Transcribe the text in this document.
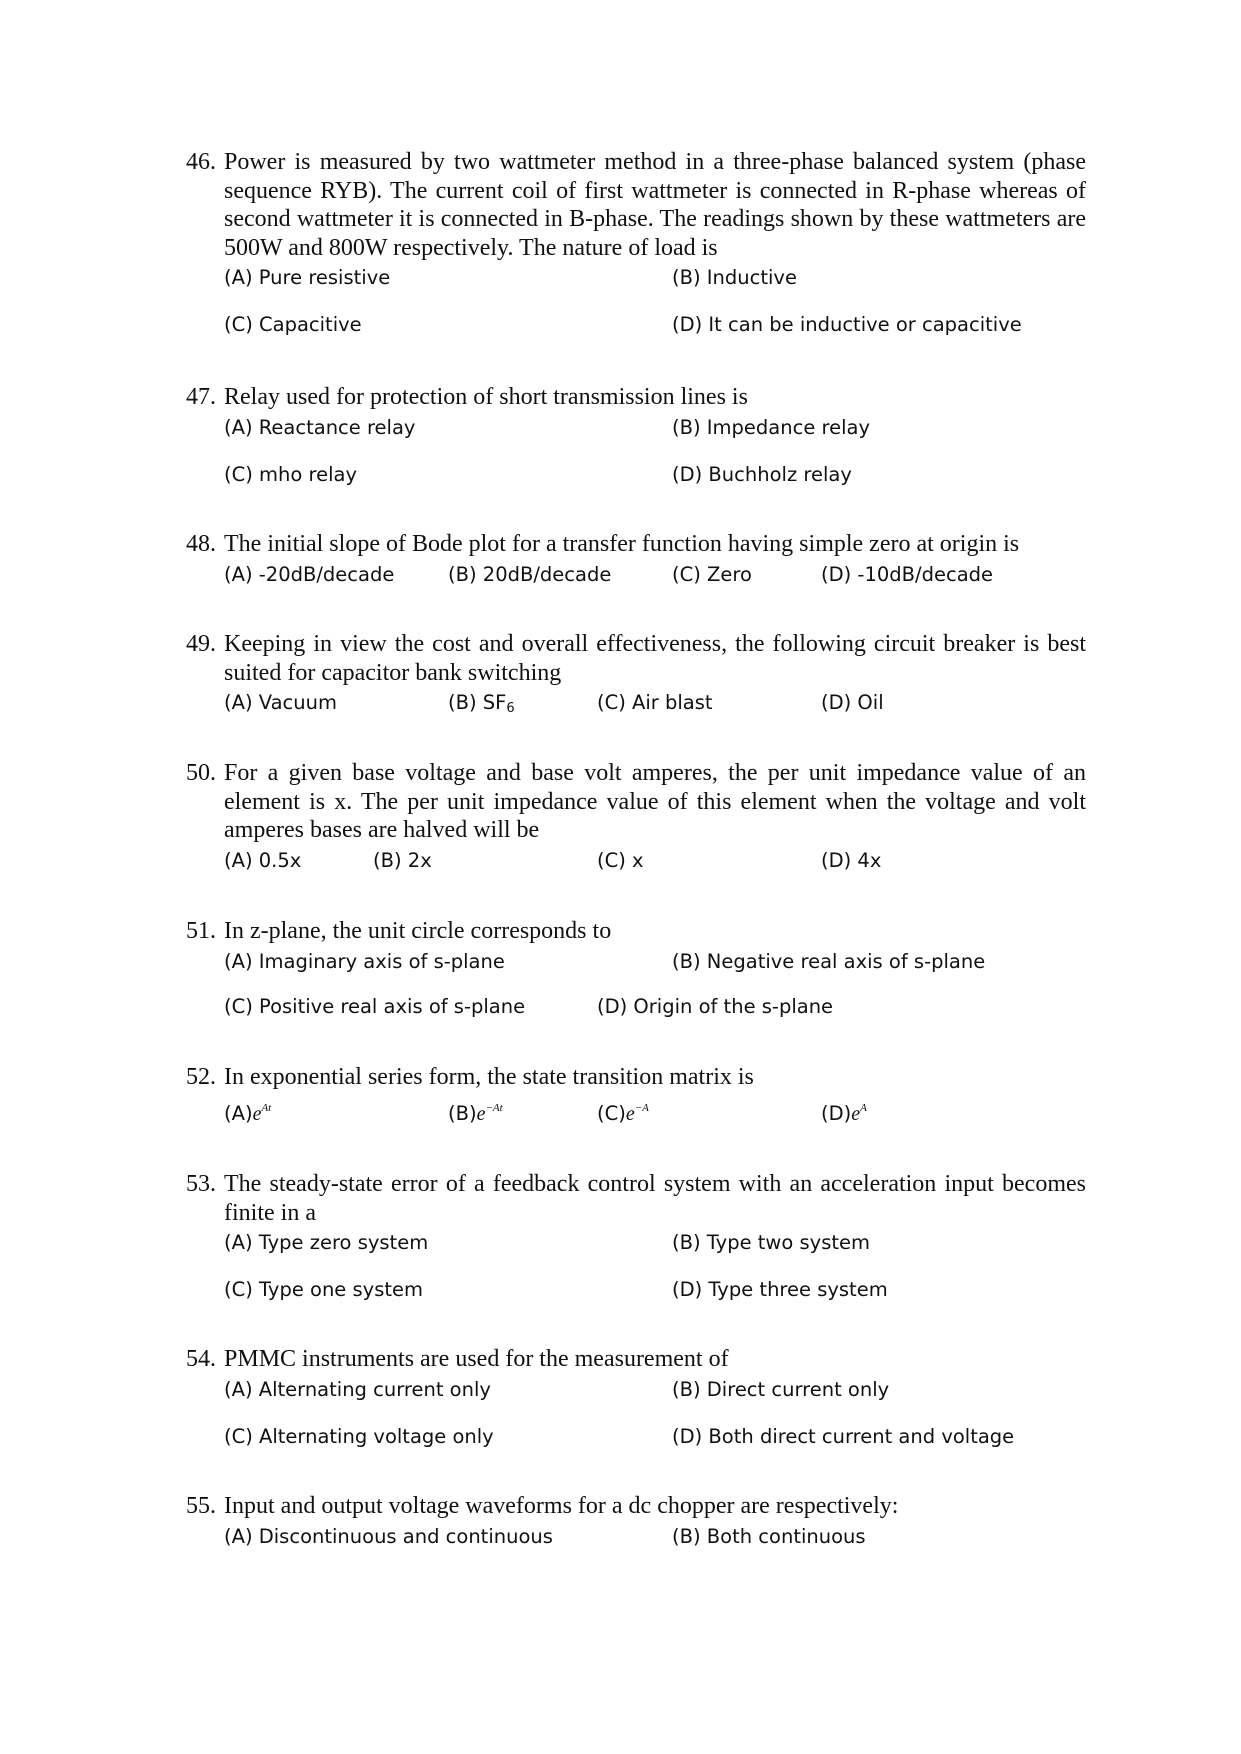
46. Power is measured by two wattmeter method in a three-phase balanced system (phase sequence RYB). The current coil of first wattmeter is connected in R-phase whereas of second wattmeter it is connected in B-phase. The readings shown by these wattmeters are 500W and 800W respectively. The nature of load is
(A) Pure resistive	(B) Inductive
(C) Capacitive	(D) It can be inductive or capacitive
47. Relay used for protection of short transmission lines is
(A) Reactance relay	(B) Impedance relay
(C) mho relay	(D) Buchholz relay
48. The initial slope of Bode plot for a transfer function having simple zero at origin is
(A) -20dB/decade	(B) 20dB/decade	(C) Zero	(D) -10dB/decade
49. Keeping in view the cost and overall effectiveness, the following circuit breaker is best suited for capacitor bank switching
(A) Vacuum	(B) $SF_6$	(C) Air blast	(D) Oil
50. For a given base voltage and base volt amperes, the per unit impedance value of an element is x. The per unit impedance value of this element when the voltage and volt amperes bases are halved will be
(A) 0.5x	(B) 2x	(C) x	(D) 4x
51. In z-plane, the unit circle corresponds to
(A) Imaginary axis of s-plane	(B) Negative real axis of s-plane
(C) Positive real axis of s-plane	(D) Origin of the s-plane
52. In exponential series form, the state transition matrix is
$(A)e^{At}$	$(B)e^{-At}$	$(C)e^{-A}$	$(D)e^A$
53. The steady-state error of a feedback control system with an acceleration input becomes finite in a
(A) Type zero system	(B) Type two system
(C) Type one system	(D) Type three system
54. PMMC instruments are used for the measurement of
(A) Alternating current only	(B) Direct current only
(C) Alternating voltage only	(D) Both direct current and voltage
55. Input and output voltage waveforms for a dc chopper are respectively:
(A) Discontinuous and continuous	(B) Both continuous
